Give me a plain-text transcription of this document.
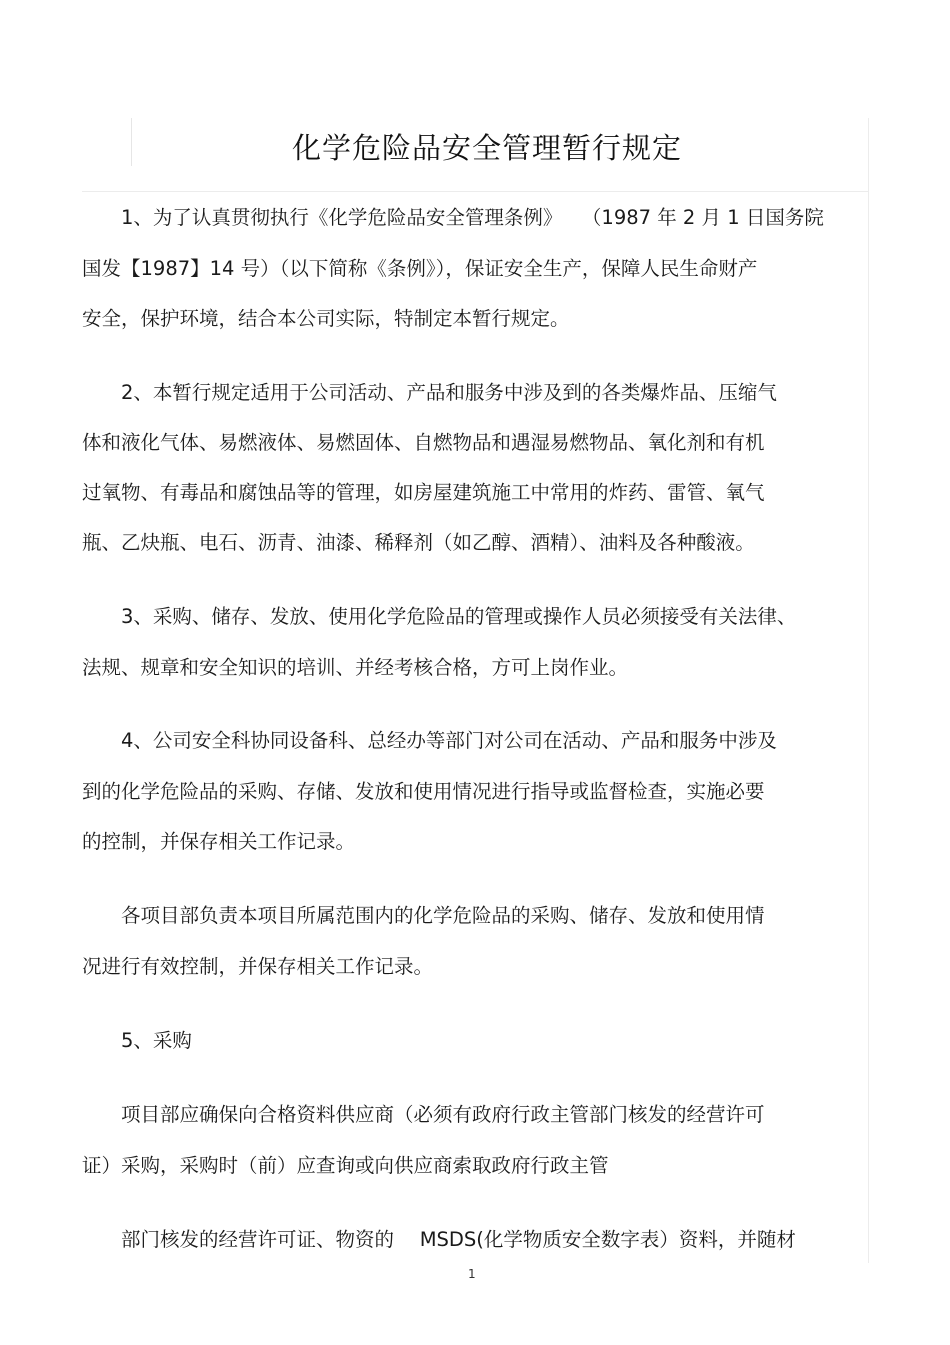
化学危险品安全管理暂行规定
1、为了认真贯彻执行《化学危险品安全管理条例》　　（1987 年 2 月 1 日国务院
国发【1987】14 号）（以下简称《条例》），保证安全生产，保障人民生命财产
安全，保护环境，结合本公司实际，特制定本暂行规定。
2、本暂行规定适用于公司活动、产品和服务中涉及到的各类爆炸品、压缩气
体和液化气体、易燃液体、易燃固体、自燃物品和遇湿易燃物品、氧化剂和有机
过氧物、有毒品和腐蚀品等的管理，如房屋建筑施工中常用的炸药、雷管、氧气
瓶、乙炔瓶、电石、沥青、油漆、稀释剂（如乙醇、酒精）、油料及各种酸液。
3、采购、储存、发放、使用化学危险品的管理或操作人员必须接受有关法律、
法规、规章和安全知识的培训、并经考核合格，方可上岗作业。
4、公司安全科协同设备科、总经办等部门对公司在活动、产品和服务中涉及
到的化学危险品的采购、存储、发放和使用情况进行指导或监督检查，实施必要
的控制，并保存相关工作记录。
各项目部负责本项目所属范围内的化学危险品的采购、储存、发放和使用情
况进行有效控制，并保存相关工作记录。
5、采购
项目部应确保向合格资料供应商（必须有政府行政主管部门核发的经营许可
证）采购，采购时（前）应查询或向供应商索取政府行政主管
部门核发的经营许可证、物资的　 MSDS(化学物质安全数字表）资料，并随材
1
